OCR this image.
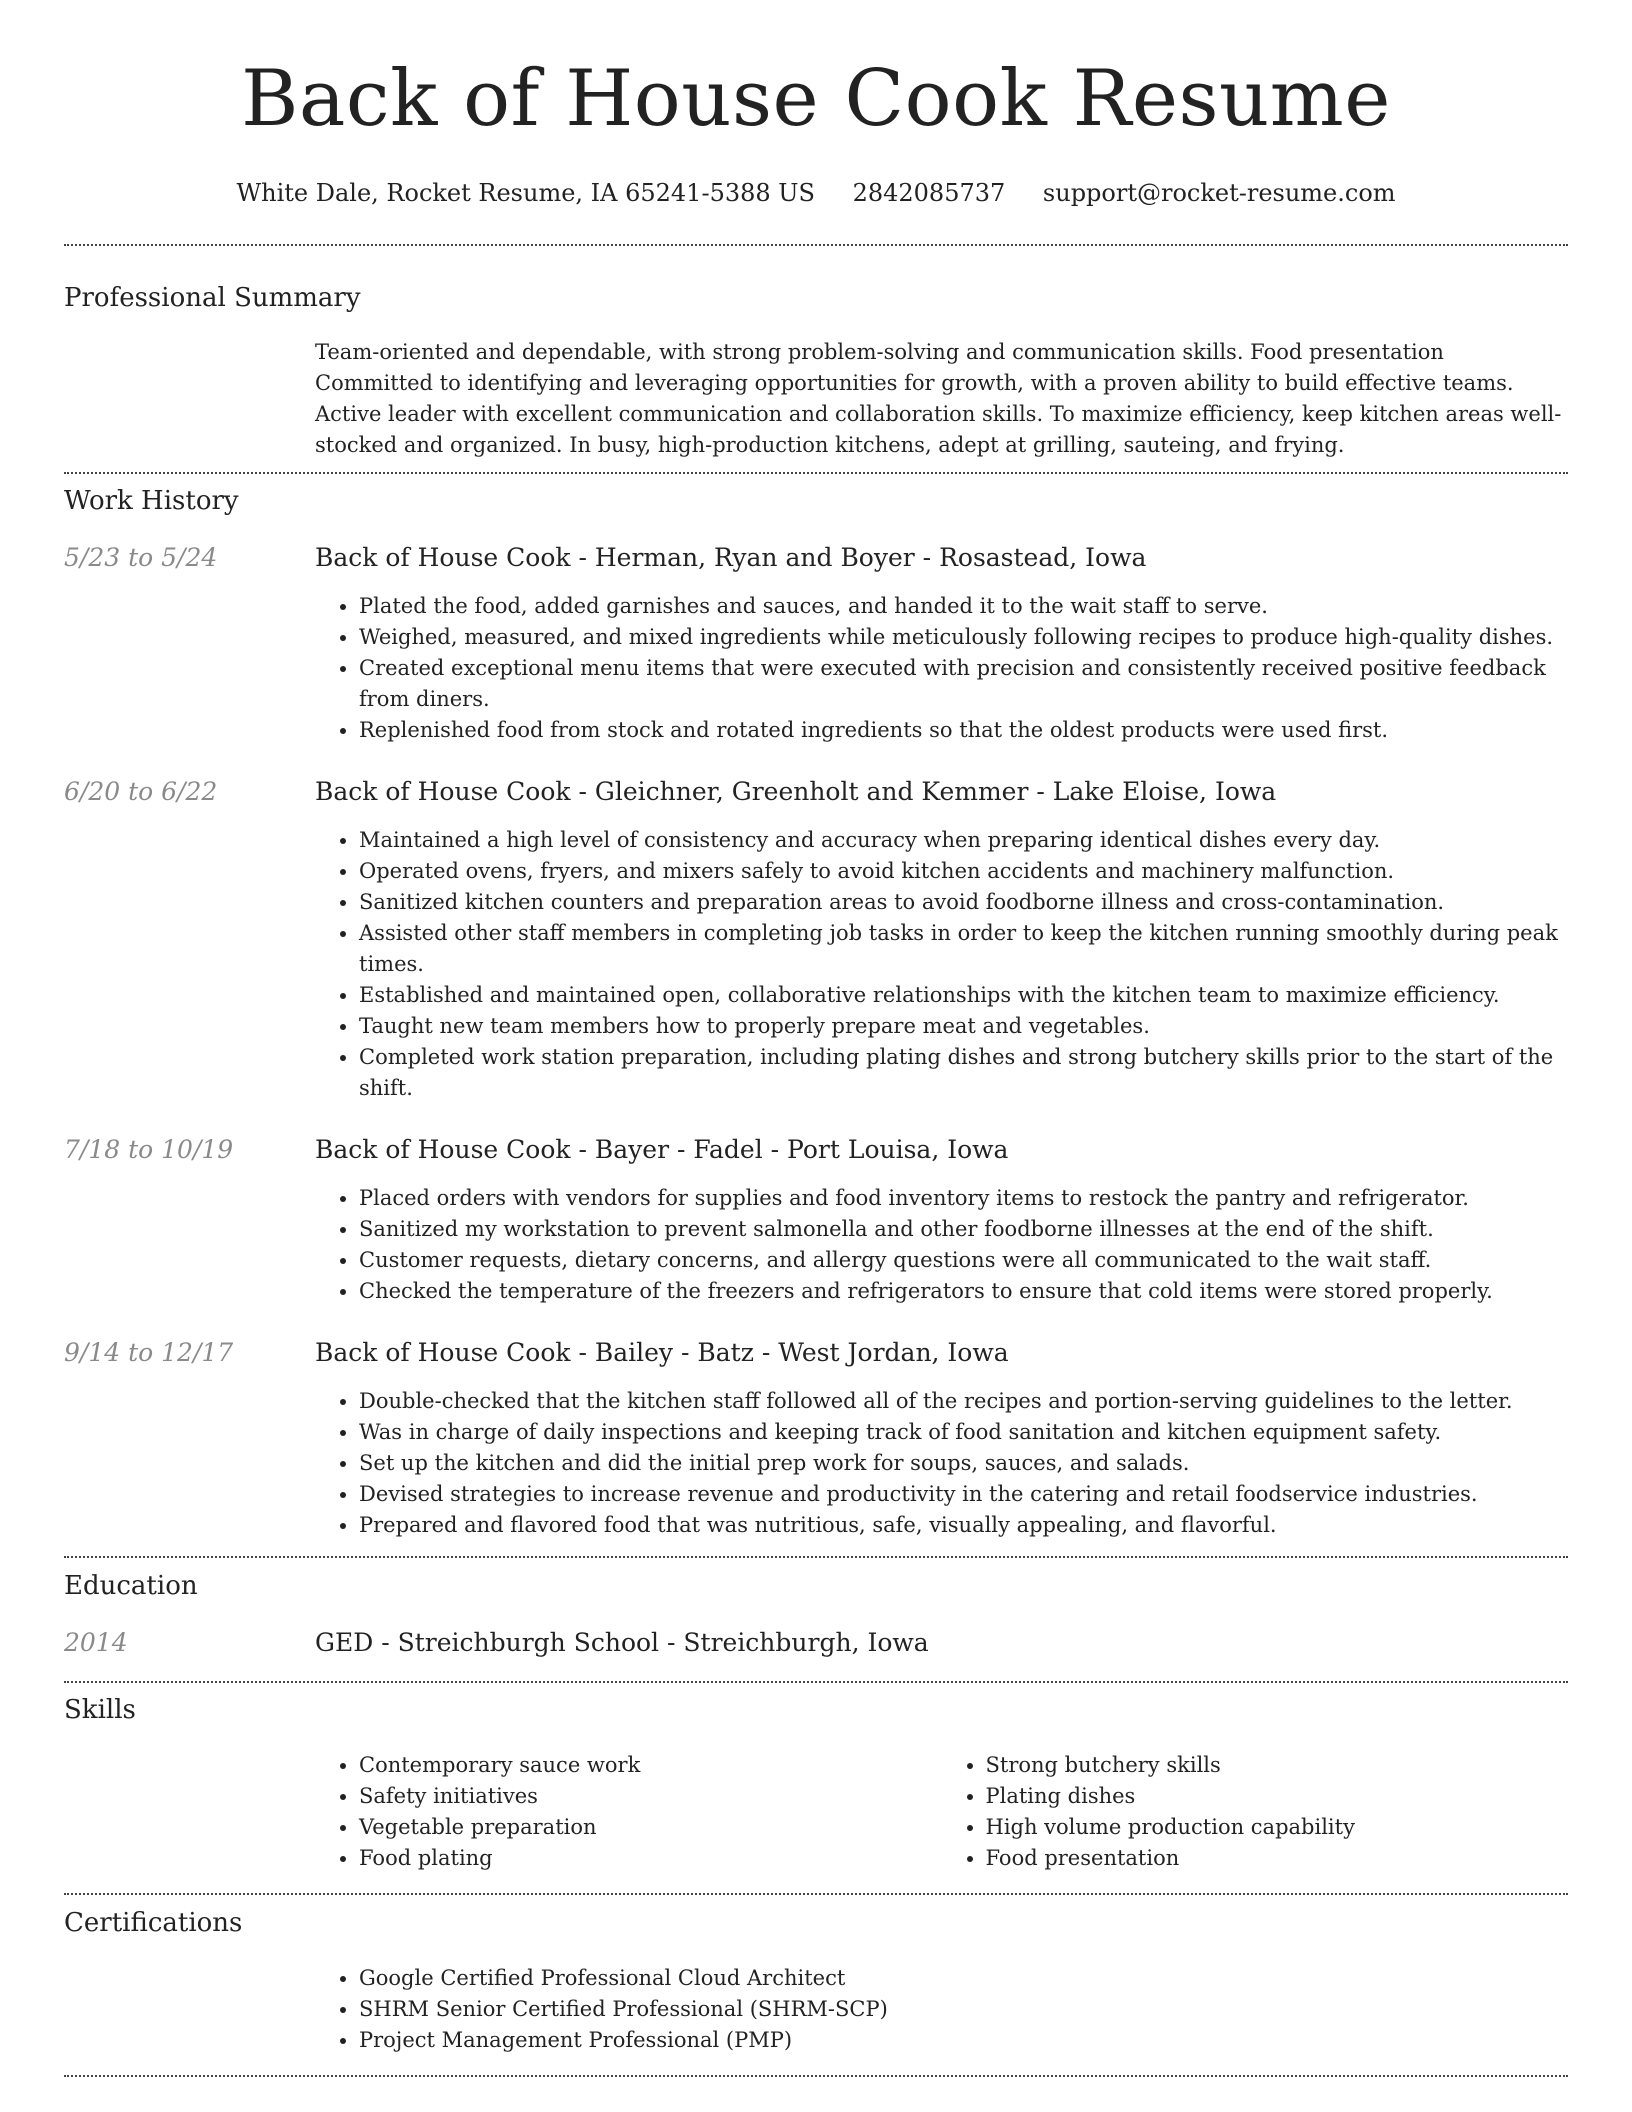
Back of House Cook Resume
White Dale, Rocket Resume, IA 65241-5388 US 2842085737 support@rocket-resume.com
Professional Summary

Team-oriented and dependable, with strong problem-solving and communication skills. Food presentation Committed to identifying and leveraging opportunities for growth, with a proven ability to build effective teams. Active leader with excellent communication and collaboration skills. To maximize efficiency, keep kitchen areas well-stocked and organized. In busy, high-production kitchens, adept at grilling, sauteing, and frying.

Work History
5/23 to 5/24	Back of House Cook - Herman, Ryan and Boyer - Rosastead, Iowa

• Plated the food, added garnishes and sauces, and handed it to the wait staff to serve.
• Weighed, measured, and mixed ingredients while meticulously following recipes to produce high-quality dishes.
• Created exceptional menu items that were executed with precision and consistently received positive feedback from diners.
• Replenished food from stock and rotated ingredients so that the oldest products were used first.
6/20 to 6/22	Back of House Cook - Gleichner, Greenholt and Kemmer - Lake Eloise, Iowa

• Maintained a high level of consistency and accuracy when preparing identical dishes every day.
• Operated ovens, fryers, and mixers safely to avoid kitchen accidents and machinery malfunction.
• Sanitized kitchen counters and preparation areas to avoid foodborne illness and cross-contamination.
• Assisted other staff members in completing job tasks in order to keep the kitchen running smoothly during peak times.
• Established and maintained open, collaborative relationships with the kitchen team to maximize efficiency.
• Taught new team members how to properly prepare meat and vegetables.
• Completed work station preparation, including plating dishes and strong butchery skills prior to the start of the shift.
7/18 to 10/19	Back of House Cook - Bayer - Fadel - Port Louisa, Iowa

• Placed orders with vendors for supplies and food inventory items to restock the pantry and refrigerator.
• Sanitized my workstation to prevent salmonella and other foodborne illnesses at the end of the shift.
• Customer requests, dietary concerns, and allergy questions were all communicated to the wait staff.
• Checked the temperature of the freezers and refrigerators to ensure that cold items were stored properly.
9/14 to 12/17	Back of House Cook - Bailey - Batz - West Jordan, Iowa

• Double-checked that the kitchen staff followed all of the recipes and portion-serving guidelines to the letter.
• Was in charge of daily inspections and keeping track of food sanitation and kitchen equipment safety.
• Set up the kitchen and did the initial prep work for soups, sauces, and salads.
• Devised strategies to increase revenue and productivity in the catering and retail foodservice industries.
• Prepared and flavored food that was nutritious, safe, visually appealing, and flavorful.
Education
2014	GED - Streichburgh School - Streichburgh, Iowa

Skills
• Contemporary sauce work
• Safety initiatives
• Vegetable preparation
• Food plating
• Strong butchery skills
• Plating dishes
• High volume production capability
• Food presentation
Certifications
• Google Certified Professional Cloud Architect
• SHRM Senior Certified Professional (SHRM-SCP)
• Project Management Professional (PMP)
